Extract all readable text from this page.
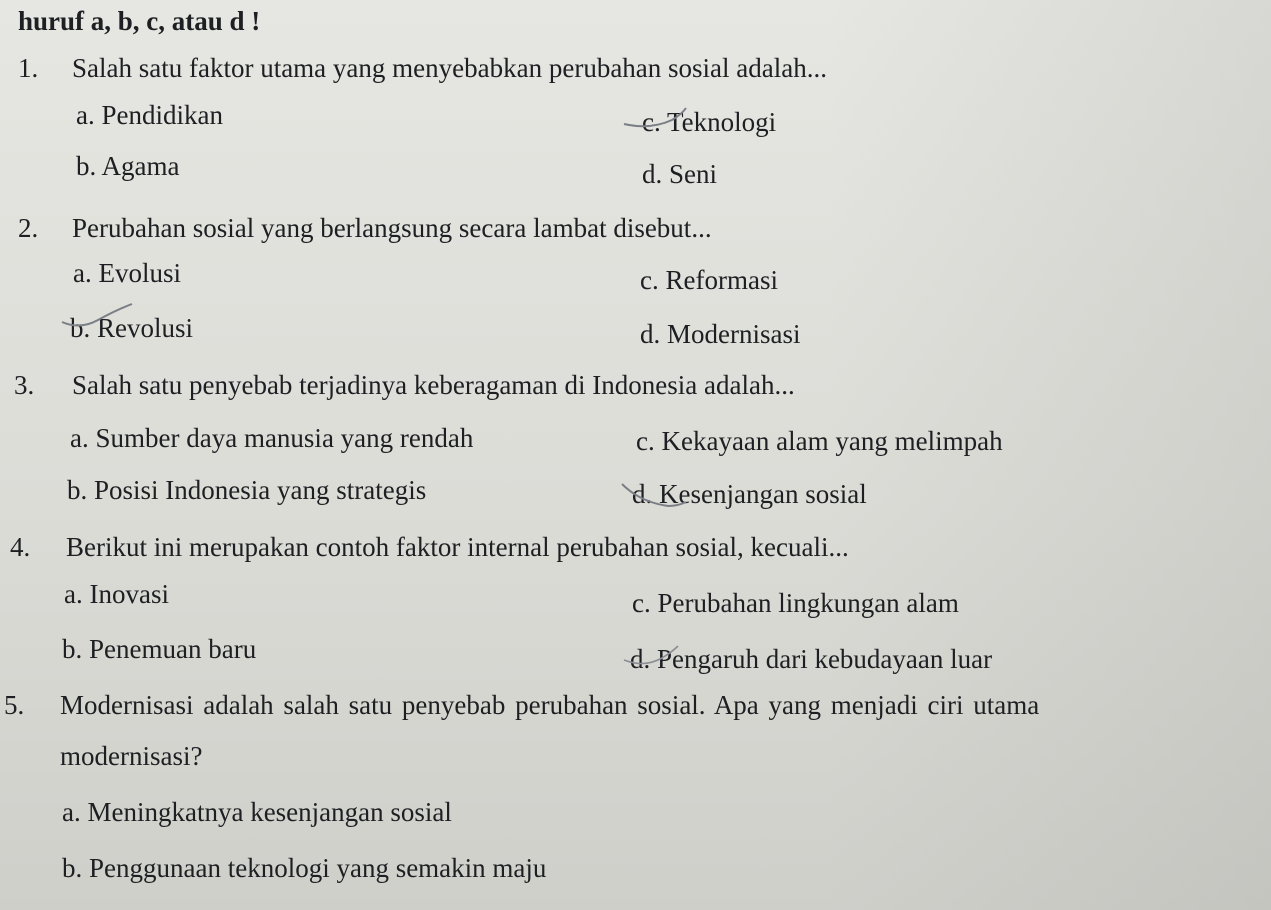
huruf a, b, c, atau d !
1. Salah satu faktor utama yang menyebabkan perubahan sosial adalah...
a. Pendidikan	c. Teknologi
b. Agama	d. Seni
2. Perubahan sosial yang berlangsung secara lambat disebut...
a. Evolusi	c. Reformasi
b. Revolusi	d. Modernisasi
3. Salah satu penyebab terjadinya keberagaman di Indonesia adalah...
a. Sumber daya manusia yang rendah	c. Kekayaan alam yang melimpah
b. Posisi Indonesia yang strategis	d. Kesenjangan sosial
4. Berikut ini merupakan contoh faktor internal perubahan sosial, kecuali...
a. Inovasi	c. Perubahan lingkungan alam
b. Penemuan baru	d. Pengaruh dari kebudayaan luar
5. Modernisasi adalah salah satu penyebab perubahan sosial. Apa yang menjadi ciri utama
modernisasi?
a. Meningkatnya kesenjangan sosial
b. Penggunaan teknologi yang semakin maju
